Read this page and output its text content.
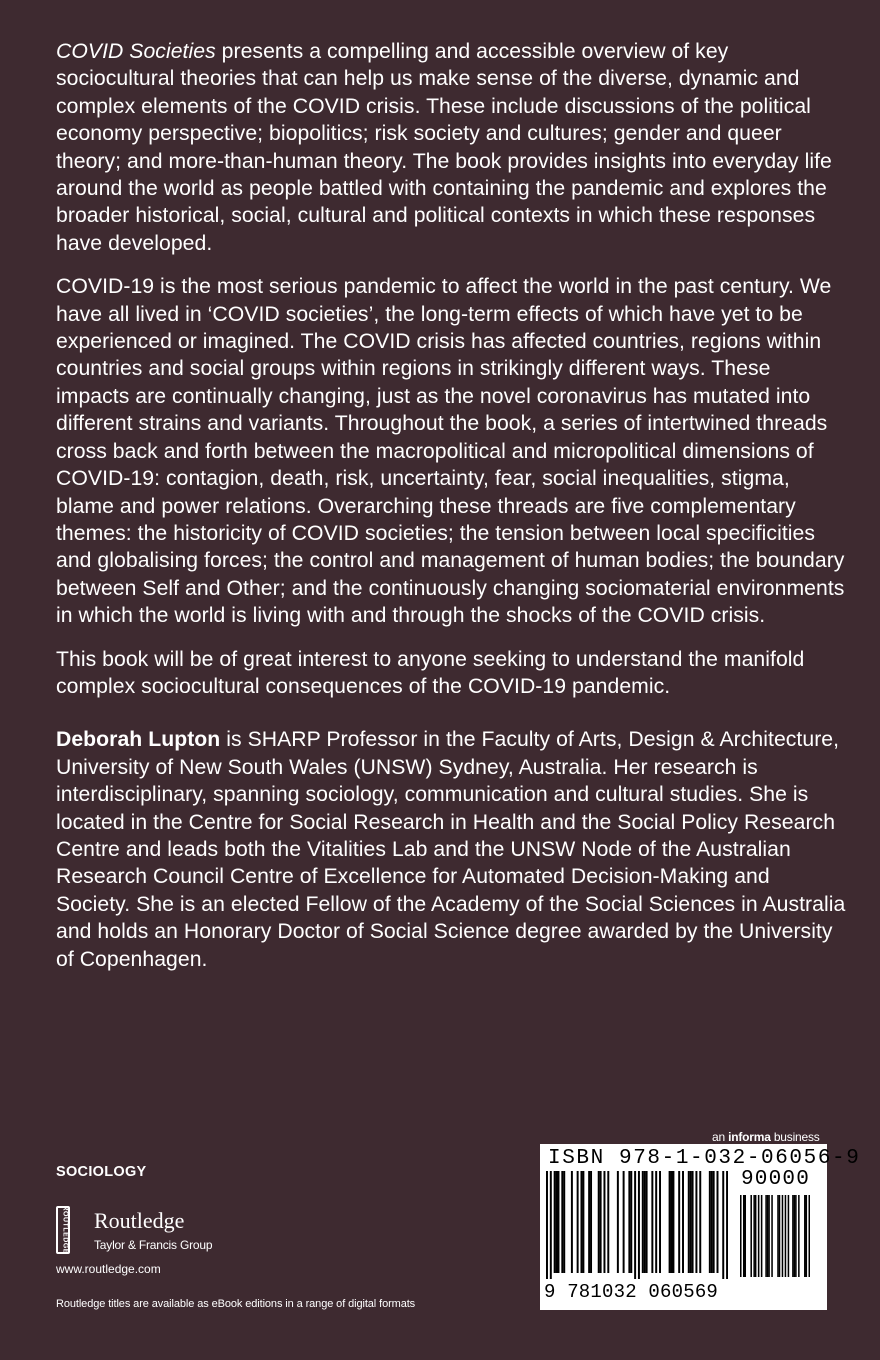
COVID Societies presents a compelling and accessible overview of key sociocultural theories that can help us make sense of the diverse, dynamic and complex elements of the COVID crisis. These include discussions of the political economy perspective; biopolitics; risk society and cultures; gender and queer theory; and more-than-human theory. The book provides insights into everyday life around the world as people battled with containing the pandemic and explores the broader historical, social, cultural and political contexts in which these responses have developed.

COVID-19 is the most serious pandemic to affect the world in the past century. We have all lived in ‘COVID societies’, the long-term effects of which have yet to be experienced or imagined. The COVID crisis has affected countries, regions within countries and social groups within regions in strikingly different ways. These impacts are continually changing, just as the novel coronavirus has mutated into different strains and variants. Throughout the book, a series of intertwined threads cross back and forth between the macropolitical and micropolitical dimensions of COVID-19: contagion, death, risk, uncertainty, fear, social inequalities, stigma, blame and power relations. Overarching these threads are five complementary themes: the historicity of COVID societies; the tension between local specificities and globalising forces; the control and management of human bodies; the boundary between Self and Other; and the continuously changing sociomaterial environments in which the world is living with and through the shocks of the COVID crisis.

This book will be of great interest to anyone seeking to understand the manifold complex sociocultural consequences of the COVID-19 pandemic.

Deborah Lupton is SHARP Professor in the Faculty of Arts, Design & Architecture, University of New South Wales (UNSW) Sydney, Australia. Her research is interdisciplinary, spanning sociology, communication and cultural studies. She is located in the Centre for Social Research in Health and the Social Policy Research Centre and leads both the Vitalities Lab and the UNSW Node of the Australian Research Council Centre of Excellence for Automated Decision-Making and Society. She is an elected Fellow of the Academy of the Social Sciences in Australia and holds an Honorary Doctor of Social Science degree awarded by the University of Copenhagen.

an informa business
SOCIOLOGY
ROUTLEDGE Routledge
Taylor & Francis Group
www.routledge.com
Routledge titles are available as eBook editions in a range of digital formats
ISBN 978-1-032-06056-9
90000
9 781032 060569
